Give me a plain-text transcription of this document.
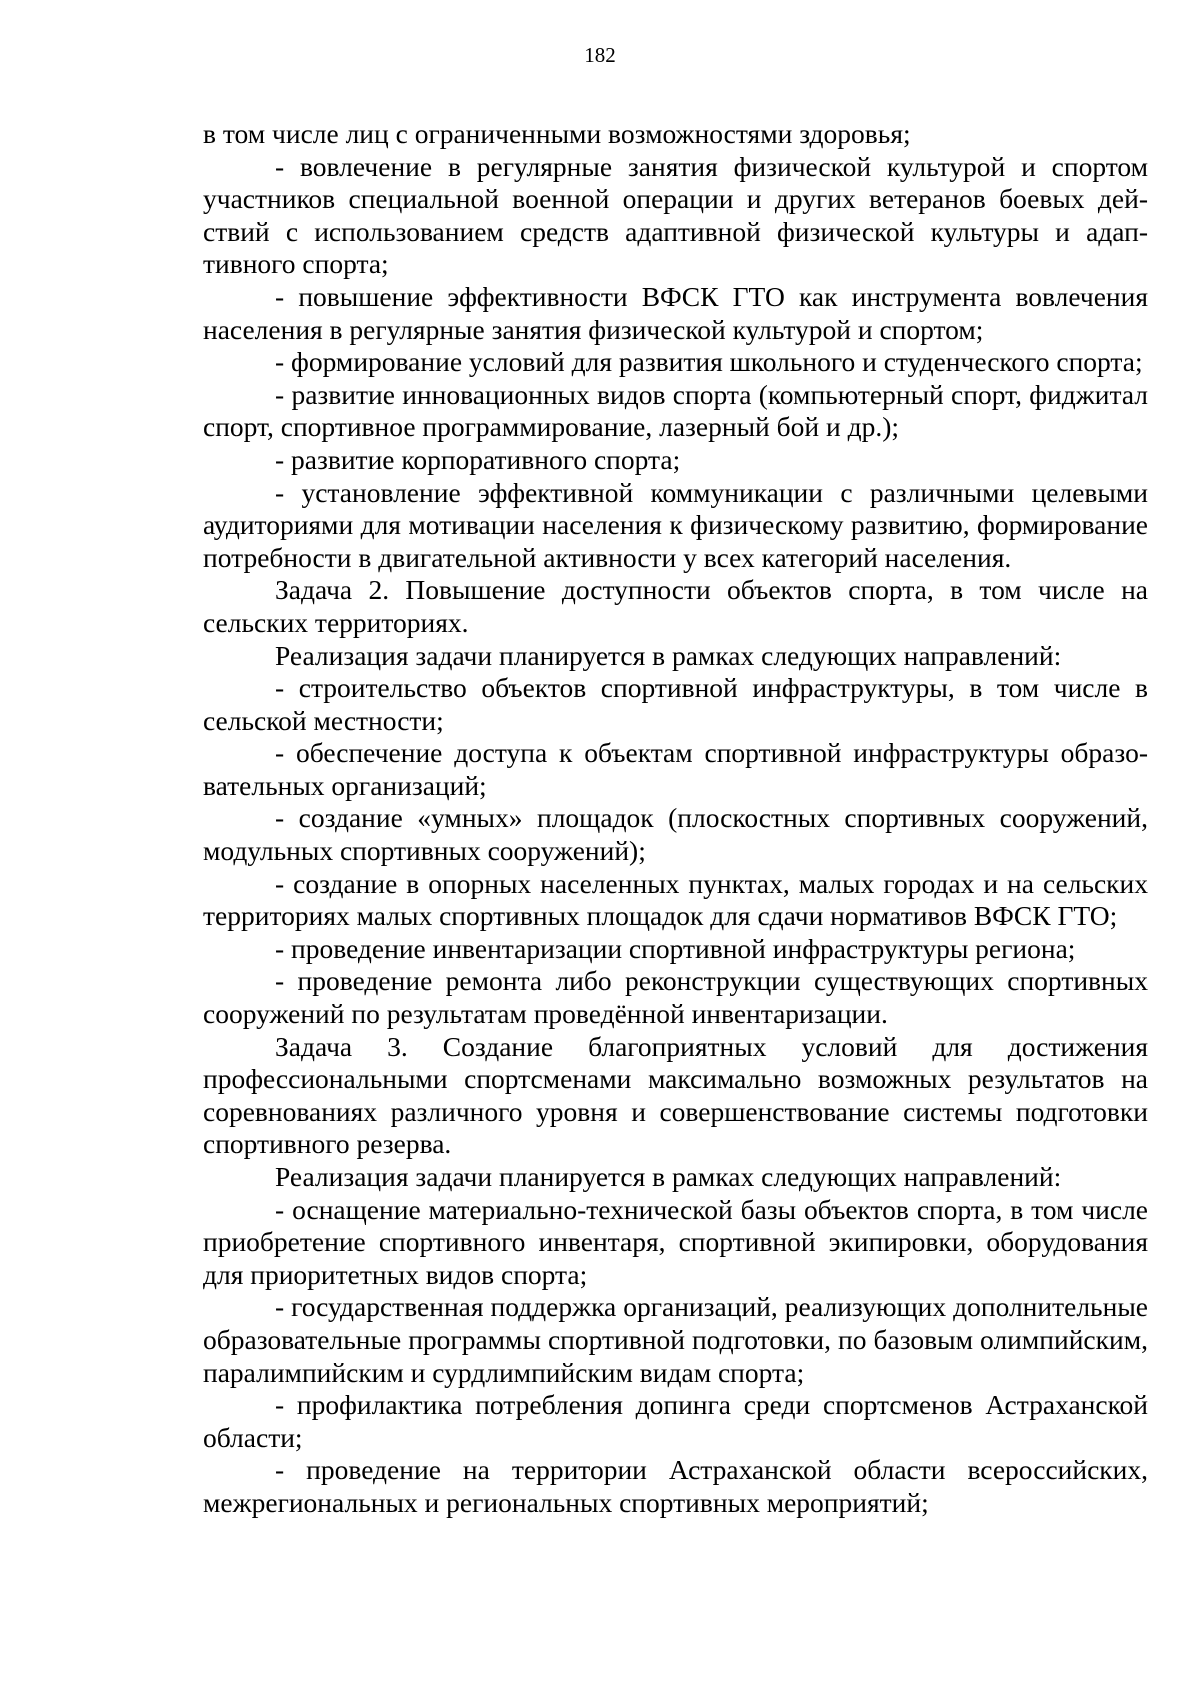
182

в том числе лиц с ограниченными возможностями здоровья;

- вовлечение в регулярные занятия физической культурой и спортом участников специальной военной операции и других ветеранов боевых действий с использованием средств адаптивной физической культуры и адаптивного спорта;

- повышение эффективности ВФСК ГТО как инструмента вовлечения населения в регулярные занятия физической культурой и спортом;

- формирование условий для развития школьного и студенческого спорта;

- развитие инновационных видов спорта (компьютерный спорт, фиджитал спорт, спортивное программирование, лазерный бой и др.);

- развитие корпоративного спорта;

- установление эффективной коммуникации с различными целевыми аудиториями для мотивации населения к физическому развитию, формирование потребности в двигательной активности у всех категорий населения.

Задача 2. Повышение доступности объектов спорта, в том числе на сельских территориях.

Реализация задачи планируется в рамках следующих направлений:

- строительство объектов спортивной инфраструктуры, в том числе в сельской местности;

- обеспечение доступа к объектам спортивной инфраструктуры образовательных организаций;

- создание «умных» площадок (плоскостных спортивных сооружений, модульных спортивных сооружений);

- создание в опорных населенных пунктах, малых городах и на сельских территориях малых спортивных площадок для сдачи нормативов ВФСК ГТО;

- проведение инвентаризации спортивной инфраструктуры региона;

- проведение ремонта либо реконструкции существующих спортивных сооружений по результатам проведённой инвентаризации.

Задача 3. Создание благоприятных условий для достижения профессиональными спортсменами максимально возможных результатов на соревнованиях различного уровня и совершенствование системы подготовки спортивного резерва.

Реализация задачи планируется в рамках следующих направлений:

- оснащение материально-технической базы объектов спорта, в том числе приобретение спортивного инвентаря, спортивной экипировки, оборудования для приоритетных видов спорта;

- государственная поддержка организаций, реализующих дополнительные образовательные программы спортивной подготовки, по базовым олимпийским, паралимпийским и сурдлимпийским видам спорта;

- профилактика потребления допинга среди спортсменов Астраханской области;

- проведение на территории Астраханской области всероссийских, межрегиональных и региональных спортивных мероприятий;
